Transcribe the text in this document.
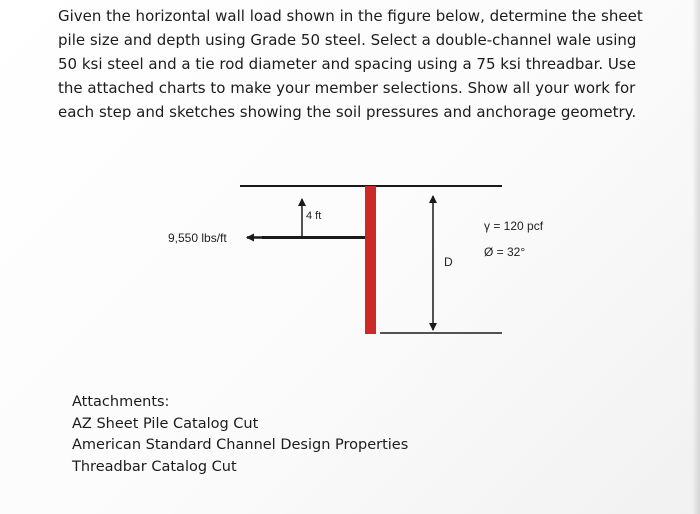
Given the horizontal wall load shown in the figure below, determine the sheet
pile size and depth using Grade 50 steel. Select a double-channel wale using
50 ksi steel and a tie rod diameter and spacing using a 75 ksi threadbar. Use
the attached charts to make your member selections. Show all your work for
each step and sketches showing the soil pressures and anchorage geometry.
9,550 lbs/ft
4 ft
D
γ = 120 pcf
Ø = 32°
Attachments:
AZ Sheet Pile Catalog Cut
American Standard Channel Design Properties
Threadbar Catalog Cut
